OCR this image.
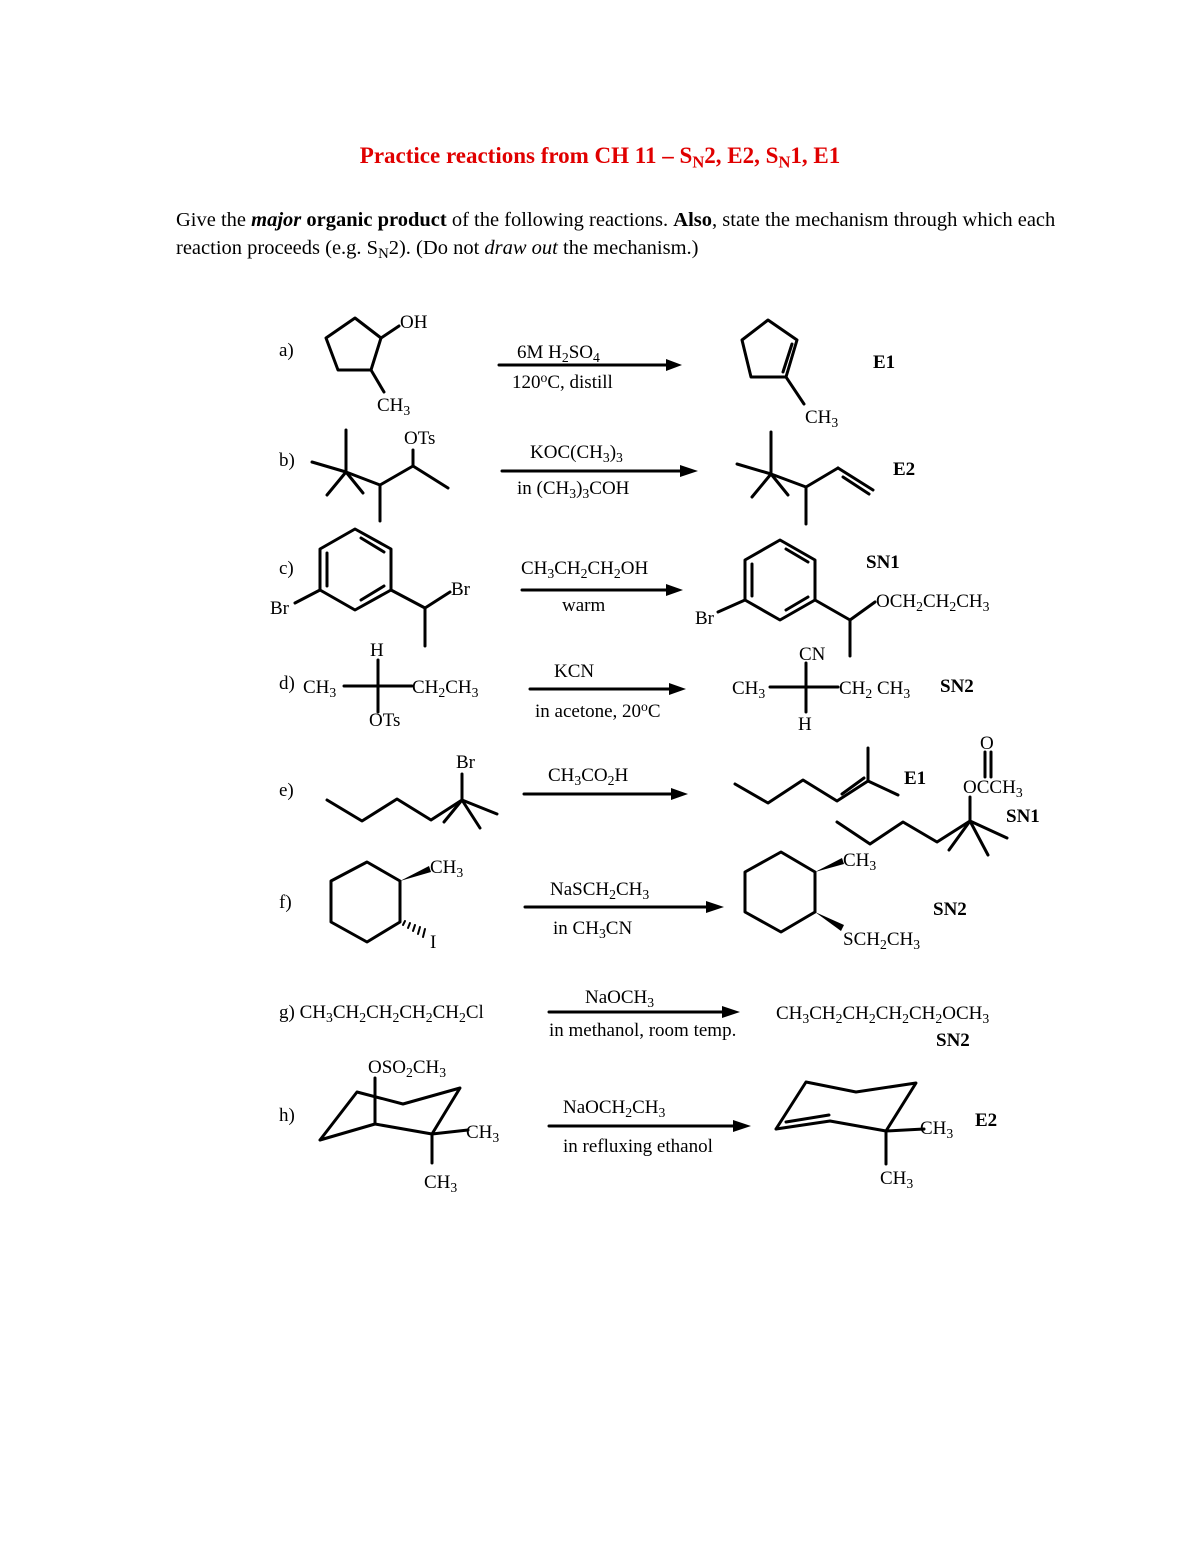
Practice reactions from CH $11 - S_N2$, E2, $S_N1$, E1
Give the major organic product of the following reactions. Also, state the mechanism through which each reaction proceeds (e.g. $S_N2$). (Do not draw out the mechanism.)
a)
OH
$CH_3$
6M $H_2SO_4$
120$^o$C, distill
$CH_3$
E1
b)
OTs
$KOC(CH_3)_3$
in $(CH_3)_3COH$
E2
c)
Br
Br
$CH_3CH_2CH_2OH$
warm
Br
$OCH_2CH_2CH_3$
SN1
d) $CH_3$
H
$CH_2CH_3$
OTs
KCN
in acetone, 20$^o$C
CN
$CH_3$	$CH_2$ $CH_3$
H
SN2
e)
Br
$CH_3CO_2H$	E1
O
$OCCH_3$
SN1
f)
$CH_3$
I
$NaSCH_2CH_3$
in $CH_3CN$
$CH_3$
$SCH_2CH_3$
SN2
g) $CH_3CH_2CH_2CH_2CH_2Cl$
NaOCH$_3$
in methanol, room temp.
$CH_3CH_2CH_2CH_2CH_2OCH_3$
SN2
h)
$OSO_2CH_3$
$CH_3$
$CH_3$
$NaOCH_2CH_3$
in refluxing ethanol
$CH_3$
$CH_3$
E2
